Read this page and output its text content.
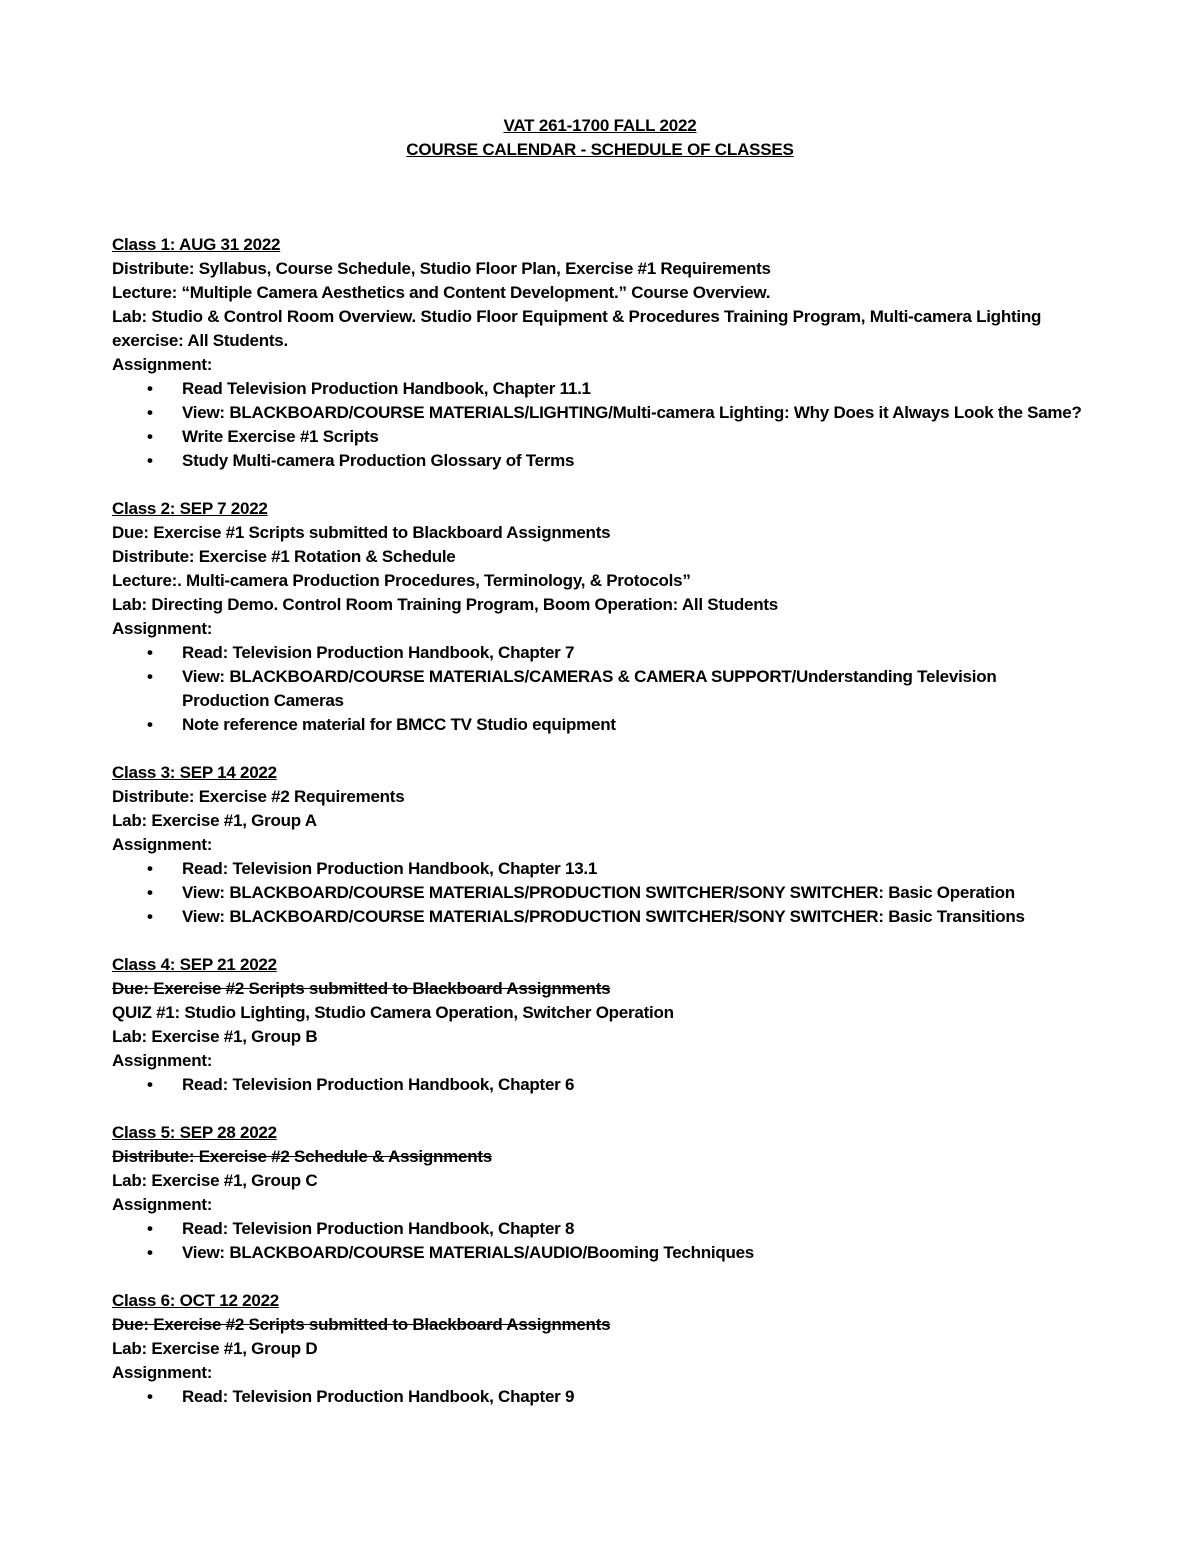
VAT 261-1700 FALL 2022
COURSE CALENDAR - SCHEDULE OF CLASSES
Class 1: AUG 31 2022
Distribute: Syllabus, Course Schedule, Studio Floor Plan, Exercise #1 Requirements
Lecture: “Multiple Camera Aesthetics and Content Development.” Course Overview.
Lab: Studio & Control Room Overview. Studio Floor Equipment & Procedures Training Program, Multi-camera Lighting exercise: All Students.
Assignment:
• Read Television Production Handbook, Chapter 11.1
• View: BLACKBOARD/COURSE MATERIALS/LIGHTING/Multi-camera Lighting: Why Does it Always Look the Same?
• Write Exercise #1 Scripts
• Study Multi-camera Production Glossary of Terms
Class 2: SEP 7 2022
Due: Exercise #1 Scripts submitted to Blackboard Assignments
Distribute: Exercise #1 Rotation & Schedule
Lecture:. Multi-camera Production Procedures, Terminology, & Protocols”
Lab: Directing Demo. Control Room Training Program, Boom Operation: All Students
Assignment:
• Read: Television Production Handbook, Chapter 7
• View: BLACKBOARD/COURSE MATERIALS/CAMERAS & CAMERA SUPPORT/Understanding Television Production Cameras
• Note reference material for BMCC TV Studio equipment
Class 3: SEP 14 2022
Distribute: Exercise #2 Requirements
Lab: Exercise #1, Group A
Assignment:
• Read: Television Production Handbook, Chapter 13.1
• View: BLACKBOARD/COURSE MATERIALS/PRODUCTION SWITCHER/SONY SWITCHER: Basic Operation
• View: BLACKBOARD/COURSE MATERIALS/PRODUCTION SWITCHER/SONY SWITCHER: Basic Transitions
Class 4: SEP 21 2022
Due: Exercise #2 Scripts submitted to Blackboard Assignments
QUIZ #1: Studio Lighting, Studio Camera Operation, Switcher Operation
Lab: Exercise #1, Group B
Assignment:
• Read: Television Production Handbook, Chapter 6
Class 5: SEP 28 2022
Distribute: Exercise #2 Schedule & Assignments
Lab: Exercise #1, Group C
Assignment:
• Read: Television Production Handbook, Chapter 8
• View: BLACKBOARD/COURSE MATERIALS/AUDIO/Booming Techniques
Class 6: OCT 12 2022
Due: Exercise #2 Scripts submitted to Blackboard Assignments
Lab: Exercise #1, Group D
Assignment:
• Read: Television Production Handbook, Chapter 9
